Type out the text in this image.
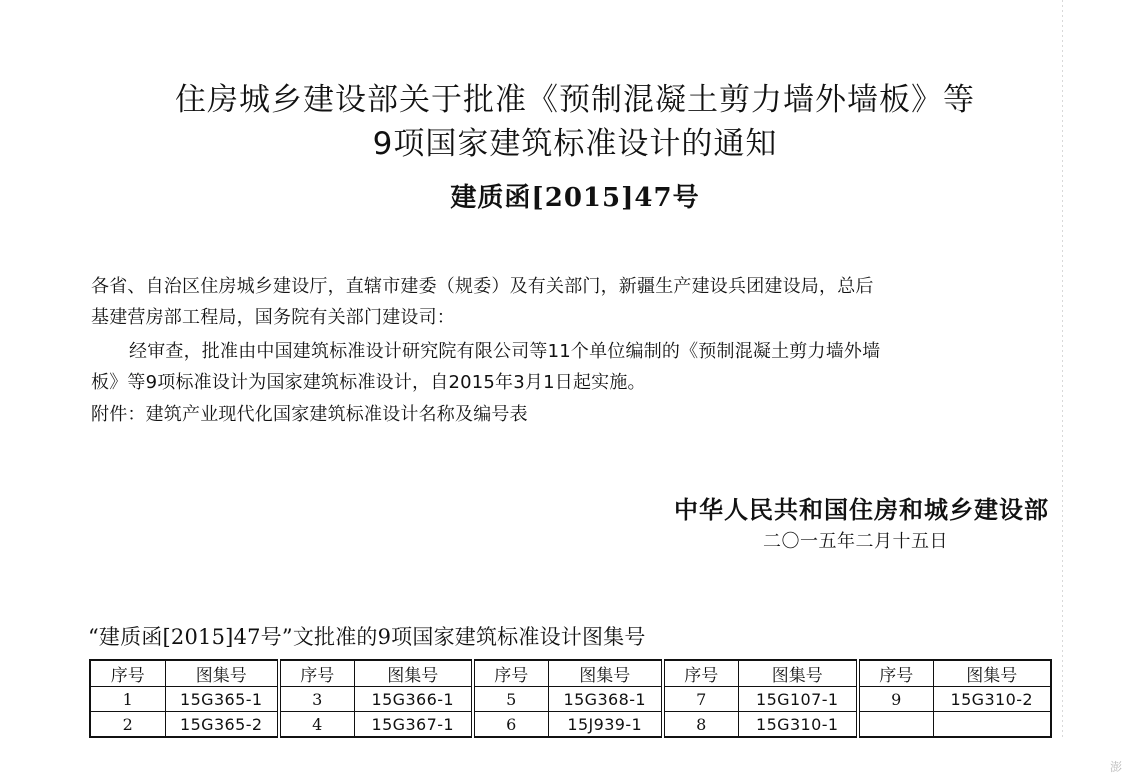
住房城乡建设部关于批准《预制混凝土剪力墙外墙板》等
9项国家建筑标准设计的通知
建质函[2015]47号
各省、自治区住房城乡建设厅，直辖市建委（规委）及有关部门，新疆生产建设兵团建设局，总后
基建营房部工程局，国务院有关部门建设司：
经审查，批准由中国建筑标准设计研究院有限公司等11个单位编制的《预制混凝土剪力墙外墙
板》等9项标准设计为国家建筑标准设计，自2015年3月1日起实施。
附件：建筑产业现代化国家建筑标准设计名称及编号表
中华人民共和国住房和城乡建设部
二〇一五年二月十五日
“建质函[2015]47号”文批准的9项国家建筑标准设计图集号
序号	图集号	序号	图集号	序号	图集号	序号	图集号	序号	图集号
1	15G365-1	3	15G366-1	5	15G368-1	7	15G107-1	9	15G310-2
2	15G365-2	4	15G367-1	6	15J939-1	8	15G310-1		
澎
